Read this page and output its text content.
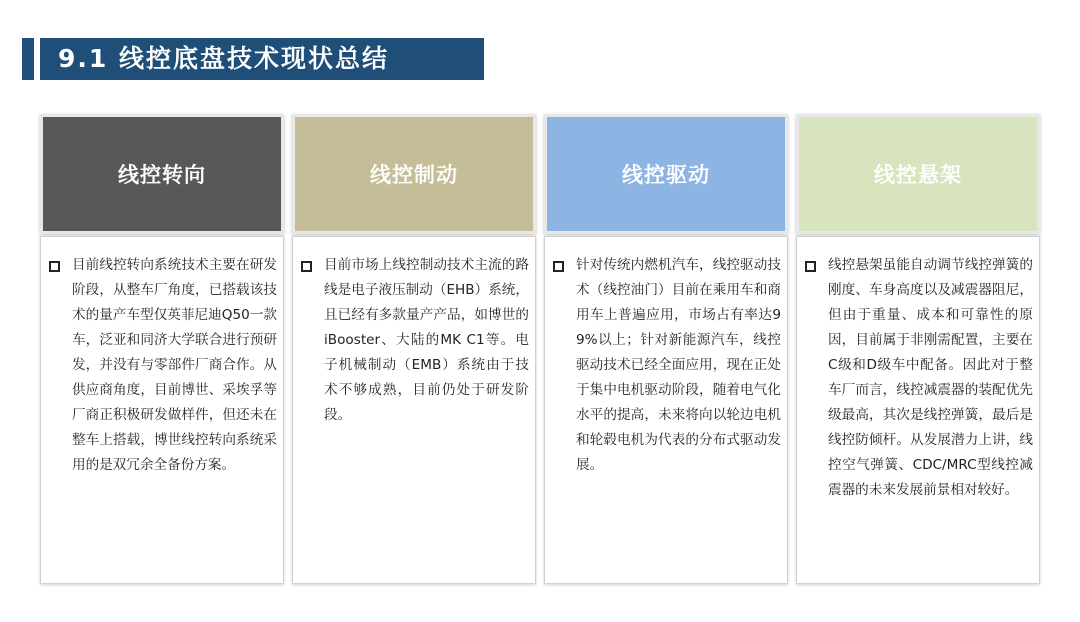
9.1 线控底盘技术现状总结
线控转向
目前线控转向系统技术主要在研发阶段，从整车厂角度，已搭载该技术的量产车型仅英菲尼迪Q50一款车，泛亚和同济大学联合进行预研发，并没有与零部件厂商合作。从供应商角度，目前博世、采埃孚等厂商正积极研发做样件，但还未在整车上搭载，博世线控转向系统采用的是双冗余全备份方案。
线控制动
目前市场上线控制动技术主流的路线是电子液压制动（EHB）系统，且已经有多款量产产品，如博世的iBooster、大陆的MK C1等。电子机械制动（EMB）系统由于技术不够成熟，目前仍处于研发阶段。
线控驱动
针对传统内燃机汽车，线控驱动技术（线控油门）目前在乘用车和商用车上普遍应用，市场占有率达99%以上；针对新能源汽车，线控驱动技术已经全面应用，现在正处于集中电机驱动阶段，随着电气化水平的提高，未来将向以轮边电机和轮毂电机为代表的分布式驱动发展。
线控悬架
线控悬架虽能自动调节线控弹簧的刚度、车身高度以及减震器阻尼，但由于重量、成本和可靠性的原因，目前属于非刚需配置，主要在C级和D级车中配备。因此对于整车厂而言，线控减震器的装配优先级最高，其次是线控弹簧，最后是线控防倾杆。从发展潜力上讲，线控空气弹簧、CDC/MRC型线控减震器的未来发展前景相对较好。
